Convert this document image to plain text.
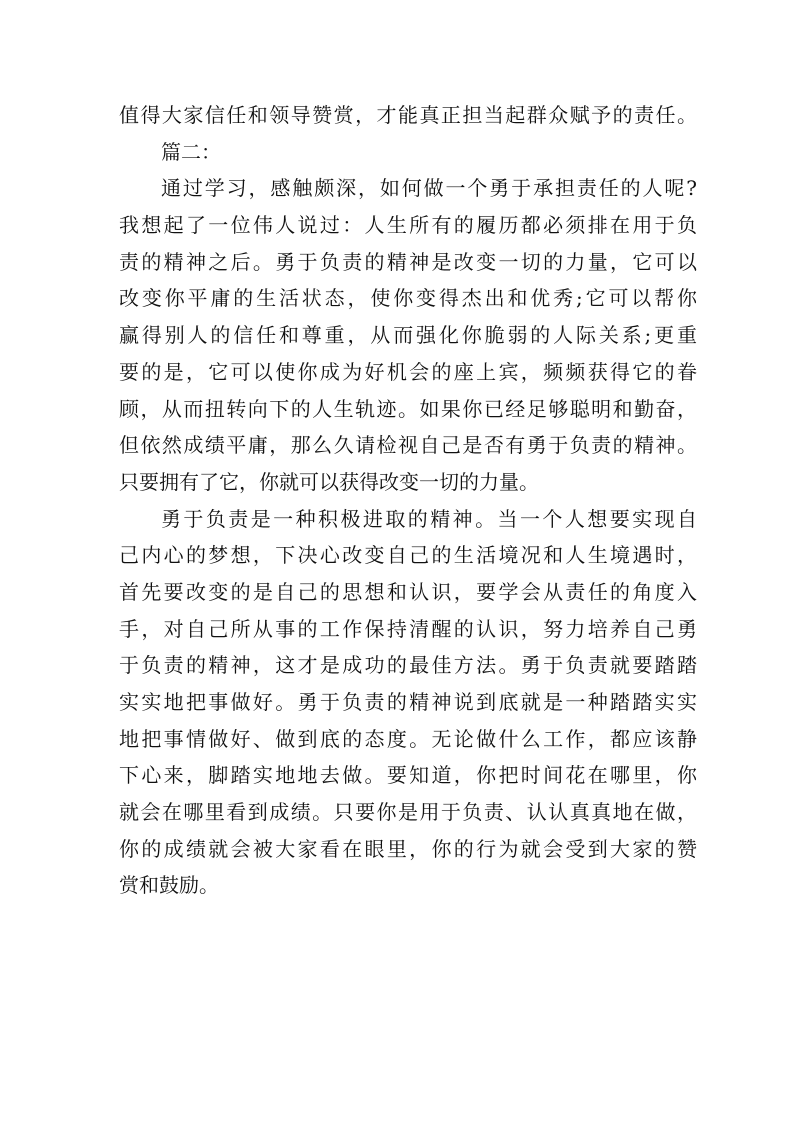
值得大家信任和领导赞赏，才能真正担当起群众赋予的责任。
篇二：
通过学习，感触颇深，如何做一个勇于承担责任的人呢?
我想起了一位伟人说过：人生所有的履历都必须排在用于负
责的精神之后。勇于负责的精神是改变一切的力量，它可以
改变你平庸的生活状态，使你变得杰出和优秀;它可以帮你
赢得别人的信任和尊重，从而强化你脆弱的人际关系;更重
要的是，它可以使你成为好机会的座上宾，频频获得它的眷
顾，从而扭转向下的人生轨迹。如果你已经足够聪明和勤奋，
但依然成绩平庸，那么久请检视自己是否有勇于负责的精神。
只要拥有了它，你就可以获得改变一切的力量。
勇于负责是一种积极进取的精神。当一个人想要实现自
己内心的梦想，下决心改变自己的生活境况和人生境遇时，
首先要改变的是自己的思想和认识，要学会从责任的角度入
手，对自己所从事的工作保持清醒的认识，努力培养自己勇
于负责的精神，这才是成功的最佳方法。勇于负责就要踏踏
实实地把事做好。勇于负责的精神说到底就是一种踏踏实实
地把事情做好、做到底的态度。无论做什么工作，都应该静
下心来，脚踏实地地去做。要知道，你把时间花在哪里，你
就会在哪里看到成绩。只要你是用于负责、认认真真地在做，
你的成绩就会被大家看在眼里，你的行为就会受到大家的赞
赏和鼓励。
